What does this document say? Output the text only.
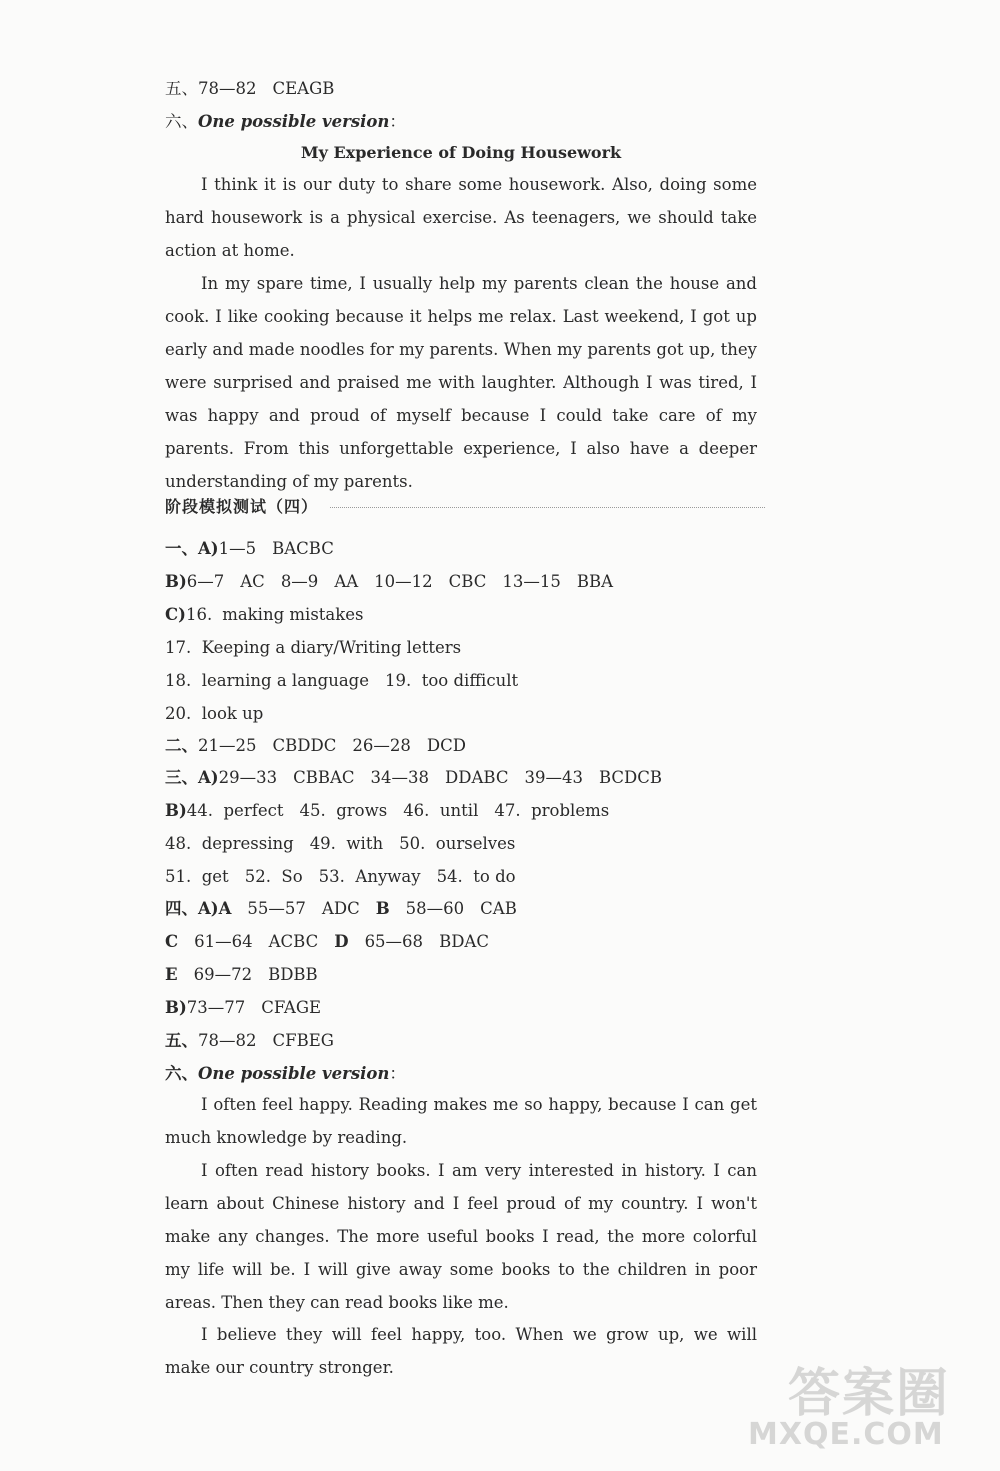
五、78—82 CEAGB
六、One possible version：
My Experience of Doing Housework
I think it is our duty to share some housework. Also, doing some hard housework is a physical exercise. As teenagers, we should take action at home.
In my spare time, I usually help my parents clean the house and cook. I like cooking because it helps me relax. Last weekend, I got up early and made noodles for my parents. When my parents got up, they were surprised and praised me with laughter. Although I was tired, I was happy and proud of myself because I could take care of my parents. From this unforgettable experience, I also have a deeper understanding of my parents.
阶段模拟测试（四）
一、A)1—5 BACBC
B)6—7 AC 8—9 AA 10—12 CBC 13—15 BBA
C)16. making mistakes
17.  Keeping a diary/Writing letters
18.  learning a language 19.  too difficult
20.  look up
二、21—25 CBDDC 26—28 DCD
三、A)29—33 CBBAC 34—38 DDABC 39—43 BCDCB
B)44.  perfect 45.  grows 46.  until 47.  problems
48.  depressing 49.  with 50.  ourselves
51.  get 52.  So 53.  Anyway 54.  to do
四、A)A 55—57 ADC B 58—60 CAB
C 61—64 ACBC D 65—68 BDAC
E 69—72 BDBB
B)73—77 CFAGE
五、78—82 CFBEG
六、One possible version：
I often feel happy. Reading makes me so happy, because I can get much knowledge by reading.
I often read history books. I am very interested in history. I can learn about Chinese history and I feel proud of my country. I won't make any changes. The more useful books I read, the more colorful my life will be. I will give away some books to the children in poor areas. Then they can read books like me.
I believe they will feel happy, too. When we grow up, we will make our country stronger.	答案圈
MXQE.COM
